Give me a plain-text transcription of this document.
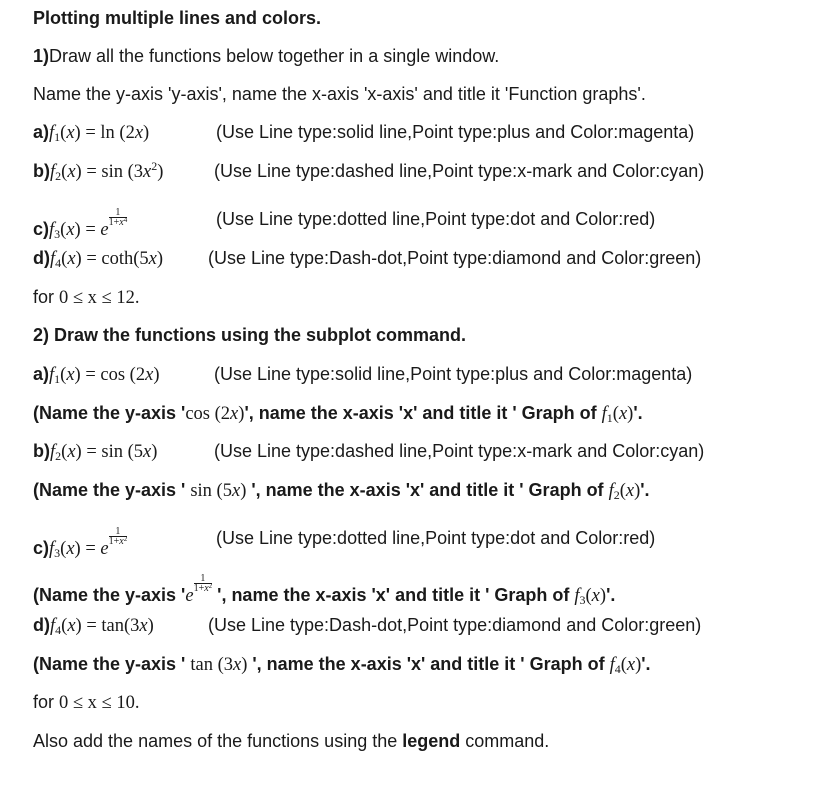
Plotting multiple lines and colors.
1)Draw all the functions below together in a single window.
Name the y-axis 'y-axis', name the x-axis 'x-axis' and title it 'Function graphs'.
$a)f_1(x) = \ln (2x)$	(Use Line type:solid line,Point type:plus and Color:magenta)
$b)f_2(x) = \sin (3x^2)$	(Use Line type:dashed line,Point type:x-mark and Color:cyan)
$c)f_3(x) = e$
$\frac{1}{1+x^4}$	(Use Line type:dotted line,Point type:dot and Color:red)
$d)f_4(x) = \cot h(5x)$ (Use Line type:Dash-dot,Point type:diamond and Color:green)
for 0 ≤ x ≤ 12.
2) Draw the functions using the subplot command.
$a)f_1(x) = \cos (2x)$	(Use Line type:solid line,Point type:plus and Color:magenta)
(Name the y-axis 'cos (2x)', name the x-axis 'x' and title it ' Graph of $f_1(x)'$.
$b)f_2(x) = \sin (5x)$	(Use Line type:dashed line,Point type:x-mark and Color:cyan)
(Name the y-axis ' sin (5x) ', name the x-axis 'x' and title it ' Graph of $f_2(x)'$.
$c)f_3(x) = e$
$\frac{1}{1+x^2}$	(Use Line type:dotted line,Point type:dot and Color:red)
(Name the y-axis 'e
$\frac{1}{1+x^2}$
', name the x-axis 'x' and title it ' Graph of $f_3(x)'$.
$d)f_4(x) = \tan(3x)$	(Use Line type:Dash-dot,Point type:diamond and Color:green)
(Name the y-axis ' tan (3x) ', name the x-axis 'x' and title it ' Graph of $f_4(x)'$.
for 0 ≤ x ≤ 10.
Also add the names of the functions using the legend command.
